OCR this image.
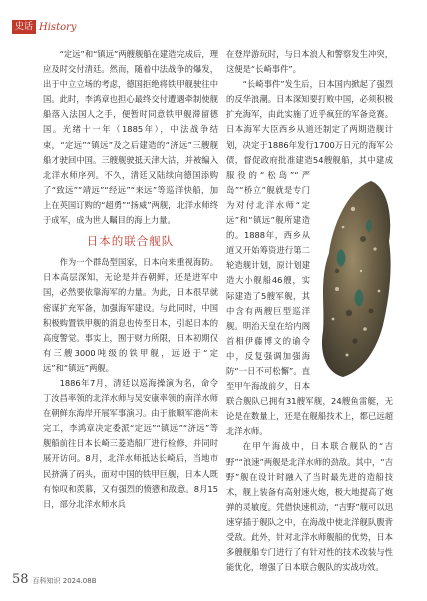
史话 History

“定远”和“镇远”两艘舰船在建造完成后，理应及时交付清廷。然而，随着中法战争的爆发，出于中立立场的考虑，德国拒绝将铁甲舰驶往中国。此时，李鸿章也担心最终交付遭遇牵制使舰船落入法国人之手，便暂时同意铁甲舰滞留德国。光绪十一年（1885年），中法战争结束，“定远”“镇远”及之后建造的“济远”三艘舰船才驶回中国。三艘舰驶抵天津大沽，并被编入北洋水师序列。不久，清廷又陆续向德国添购了“致远”“靖远”“经远”“来远”等巡洋快船，加上在英国订购的“超勇”“扬威”两舰，北洋水师终于成军，成为世人瞩目的海上力量。

日本的联合舰队

作为一个群岛型国家，日本向来重视海防。日本高层深知，无论是并吞朝鲜，还是进军中国，必然要依靠海军的力量。为此，日本很早就密谋扩充军备，加强海军建设。与此同时，中国积极购置铁甲舰的消息也传至日本，引起日本的高度警觉。事实上，囿于财力所限，日本初期仅有三艘3000吨级的铁甲舰，远逊于“定远”和“镇远”两舰。

1886年7月，清廷以巡海操演为名，命令丁汝昌率领的北洋水师与吴安康率领的南洋水师在朝鲜东海岸开展军事演习。由于旅顺军港尚未完工，李鸿章决定委派“定远”“镇远”“济远”等舰船前往日本长崎三菱造船厂进行检修，并同时展开访问。8月，北洋水师抵达长崎后，当地市民挤满了码头，面对中国的铁甲巨舰，日本人既有惊叹和羡慕，又有强烈的愤懑和敌意。8月15日，部分北洋水师水兵

在登岸游玩时，与日本浪人和警察发生冲突，这便是“长崎事件”。

“长崎事件”发生后，日本国内掀起了强烈的反华浪潮。日本深知要打败中国，必须积极扩充海军，由此实施了近乎疯狂的军备竞赛。日本海军大臣西乡从道还制定了两期造舰计划，决定于1886年发行1700万日元的海军公债，督促政府批准建造54艘舰船，其中建成服役的“松岛”“严岛”“桥立”舰就是专门为对付北洋水师“定远”和“镇远”舰所建造的。1888年，西乡从道又开始筹资进行第二轮造舰计划，原计划建造大小舰船46艘，实际建造了5艘军舰，其中含有两艘巨型巡洋舰。明治天皇在给内阁首相伊藤博文的谕令中，反复强调加强海防“一日不可松懈”。直至甲午海战前夕，日本联合舰队已拥有31艘军舰，24艘鱼雷艇，无论是在数量上，还是在舰船技术上，都已远超北洋水师。

在甲午海战中，日本联合舰队的“吉野”“浪速”两舰是北洋水师的劲敌。其中，“吉野”舰在设计时融入了当时最先进的造船技术，舰上装备有高射速火炮，极大地提高了炮弹的灵敏度。凭借快速机动，“吉野”舰可以迅速穿插于舰队之中，在海战中使北洋舰队腹背受敌。此外，针对北洋水师舰船的优势，日本多艘舰船专门进行了有针对性的技术改装与性能优化，增强了日本联合舰队的实战功效。

58 百科知识 2024.08B
